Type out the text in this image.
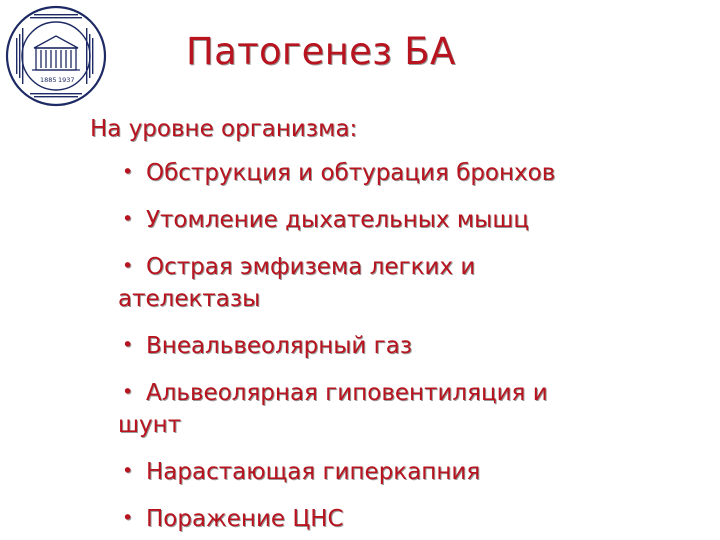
1885 1937
Патогенез БА
На уровне организма:
• Обструкция и обтурация бронхов
• Утомление дыхательных мышц
• Острая эмфизема легких и
ателектазы
• Внеальвеолярный газ
• Альвеолярная гиповентиляция и
шунт
• Нарастающая гиперкапния
• Поражение ЦНС
